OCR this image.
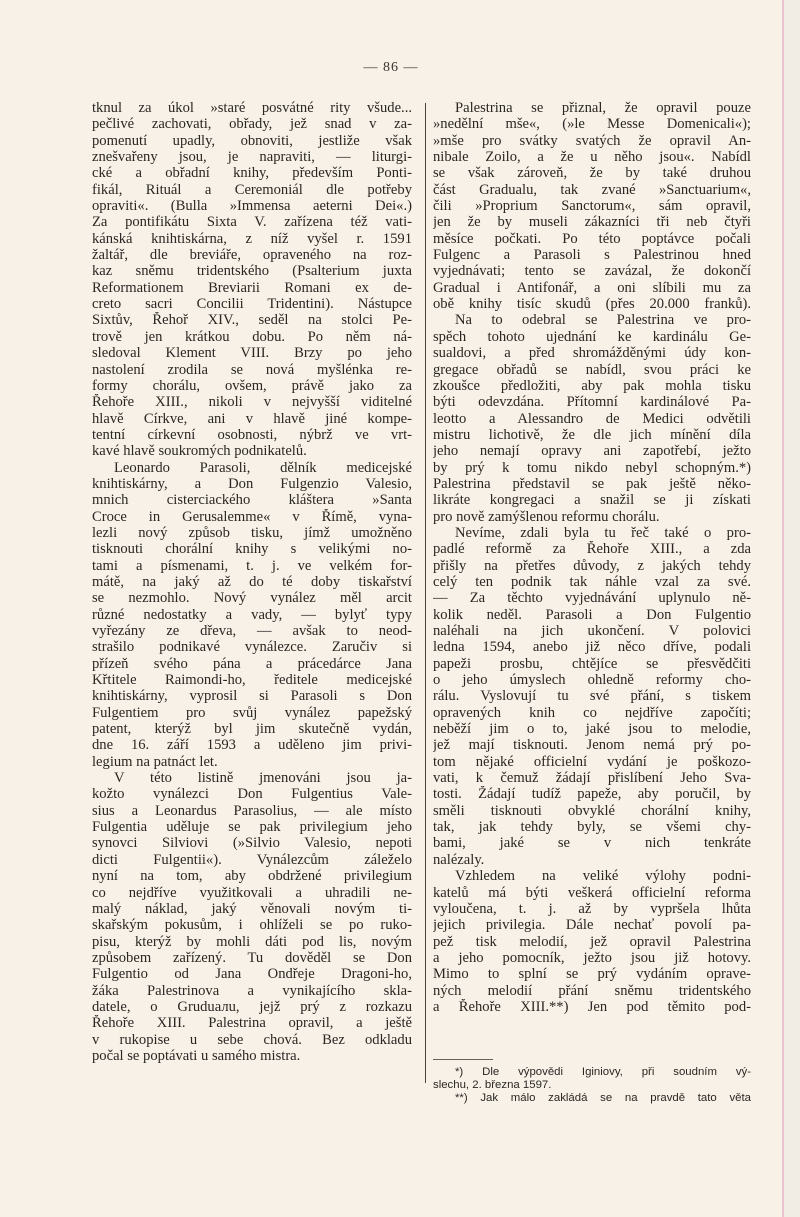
— 86 —
tknul za úkol »staré posvátné rity všude...
pečlivé zachovati, obřady, jež snad v za-
pomenutí upadly, obnoviti, jestliže však
znešvařeny jsou, je napraviti, — liturgi-
cké a obřadní knihy, především Ponti-
fikál, Rituál a Ceremoniál dle potřeby
opraviti«. (Bulla »Immensa aeterni Dei«.)
Za pontifikátu Sixta V. zařízena též vati-
kánská knihtiskárna, z níž vyšel r. 1591
žaltář, dle breviáře, opraveného na roz-
kaz sněmu tridentského (Psalterium juxta
Reformationem Breviarii Romani ex de-
creto sacri Concilii Tridentini). Nástupce
Sixtův, Řehoř XIV., seděl na stolci Pe-
trově jen krátkou dobu. Po něm ná-
sledoval Klement VIII. Brzy po jeho
nastolení zrodila se nová myšlénka re-
formy chorálu, ovšem, právě jako za
Řehoře XIII., nikoli v nejvyšší viditelné
hlavě Církve, ani v hlavě jiné kompe-
tentní církevní osobnosti, nýbrž ve vrt-
kavé hlavě soukromých podnikatelů.
Leonardo Parasoli, dělník medicejské
knihtiskárny, a Don Fulgenzio Valesio,
mnich cisterciackého kláštera »Santa
Croce in Gerusalemme« v Římě, vyna-
lezli nový způsob tisku, jímž umožněno
tisknouti chorální knihy s velikými no-
tami a písmenami, t. j. ve velkém for-
mátě, na jaký až do té doby tiskařství
se nezmohlo. Nový vynález měl arcit
různé nedostatky a vady, — bylyť typy
vyřezány ze dřeva, — avšak to neod-
strašilo podnikavé vynálezce. Zaručiv si
přízeň svého pána a prácedárce Jana
Křtitele Raimondi-ho, ředitele medicejské
knihtiskárny, vyprosil si Parasoli s Don
Fulgentiem pro svůj vynález papežský
patent, kterýž byl jim skutečně vydán,
dne 16. září 1593 a uděleno jim privi-
legium na patnáct let.
V této listině jmenováni jsou ja-
kožto vynálezci Don Fulgentius Vale-
sius a Leonardus Parasolius, — ale místo
Fulgentia uděluje se pak privilegium jeho
synovci Silviovi (»Silvio Valesio, nepoti
dicti Fulgentii«). Vynálezcům záleželo
nyní na tom, aby obdržené privilegium
co nejdříve využitkovali a uhradili ne-
malý náklad, jaký věnovali novým ti-
skařským pokusům, i ohlíželi se po ruko-
pisu, kterýž by mohli dáti pod lis, novým
způsobem zařízený. Tu dověděl se Don
Fulgentio od Jana Ondřeje Dragoni-ho,
žáka Palestrinova a vynikajícího skla-
datele, o Gruduалu, jejž prý z rozkazu
Řehoře XIII. Palestrina opravil, a ještě
v rukopise u sebe chová. Bez odkladu
počal se poptávati u samého mistra.
Palestrina se přiznal, že opravil pouze
»nedělní mše«, (»le Messe Domenicali«);
»mše pro svátky svatých že opravil An-
nibale Zoilo, a že u něho jsou«. Nabídl
se však zároveň, že by také druhou
část Gradualu, tak zvané »Sanctuarium«,
čili »Proprium Sanctorum«, sám opravil,
jen že by museli zákazníci tři neb čtyři
měsíce počkati. Po této poptávce počali
Fulgenc a Parasoli s Palestrinou hned
vyjednávati; tento se zavázal, že dokončí
Gradual i Antifonář, a oni slíbili mu za
obě knihy tisíc skudů (přes 20.000 franků).
Na to odebral se Palestrina ve pro-
spěch tohoto ujednání ke kardinálu Ge-
sualdovi, a před shromážděnými údy kon-
gregace obřadů se nabídl, svou práci ke
zkoušce předložiti, aby pak mohla tisku
býti odevzdána. Přítomní kardinálové Pa-
leotto a Alessandro de Medici odvětili
mistru lichotivě, že dle jich mínění díla
jeho nemají opravy ani zapotřebí, ježto
by prý k tomu nikdo nebyl schopným.*)
Palestrina představil se pak ještě něko-
likráte kongregaci a snažil se ji získati
pro nově zamýšlenou reformu chorálu.
Nevíme, zdali byla tu řeč také o pro-
padlé reformě za Řehoře XIII., a zda
přišly na přetřes důvody, z jakých tehdy
celý ten podnik tak náhle vzal za své.
— Za těchto vyjednávání uplynulo ně-
kolik neděl. Parasoli a Don Fulgentio
naléhali na jich ukončení. V polovici
ledna 1594, anebo již něco dříve, podali
papeži prosbu, chtějíce se přesvědčiti
o jeho úmyslech ohledně reformy cho-
rálu. Vyslovují tu své přání, s tiskem
opravených knih co nejdříve započíti;
neběží jim o to, jaké jsou to melodie,
jež mají tisknouti. Jenom nemá prý po-
tom nějaké officielní vydání je poškozo-
vati, k čemuž žádají přislíbení Jeho Sva-
tosti. Žádají tudíž papeže, aby poručil, by
směli tisknouti obvyklé chorální knihy,
tak, jak tehdy byly, se všemi chy-
bami, jaké se v nich tenkráte
nalézaly.
Vzhledem na veliké výlohy podni-
katelů má býti veškerá officielní reforma
vyloučena, t. j. až by vypršela lhůta
jejich privilegia. Dále nechať povolí pa-
pež tisk melodií, jež opravil Palestrina
a jeho pomocník, ježto jsou již hotovy.
Mimo to splní se prý vydáním oprave-
ných melodií přání sněmu tridentského
a Řehoře XIII.**) Jen pod těmito pod-
*) Dle výpovědi Iginiovy, při soudním vý-
slechu, 2. března 1597.
**) Jak málo zakládá se na pravdě tato věta
